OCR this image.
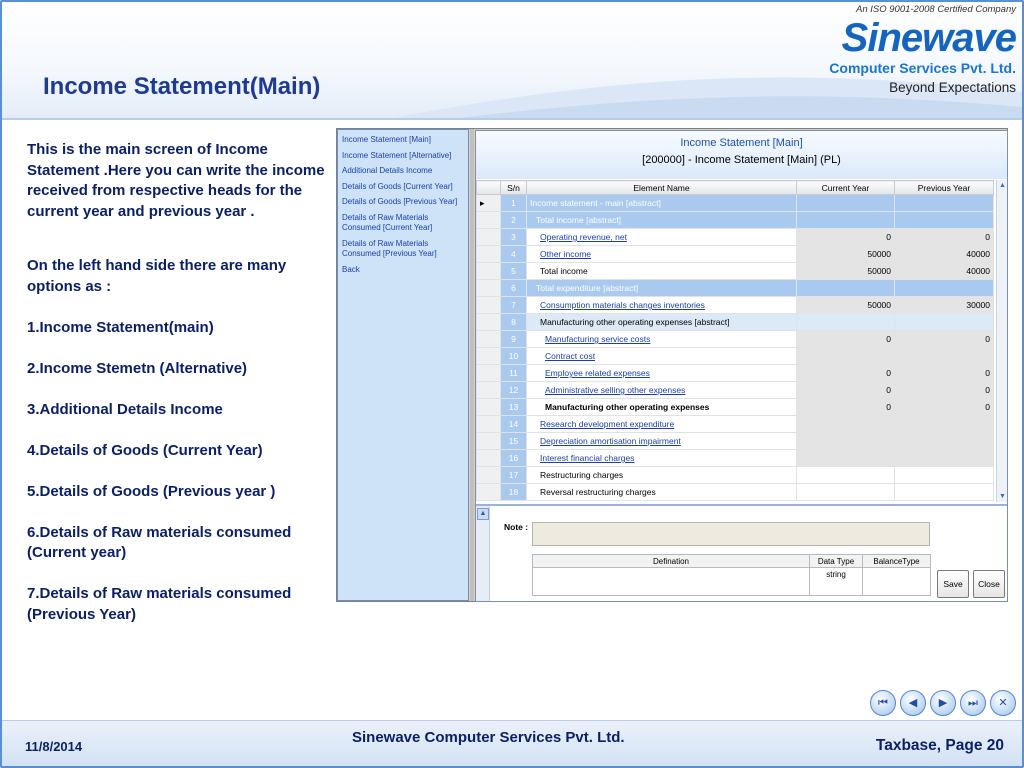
Income Statement(Main)
An ISO 9001-2008 Certified Company
Sinewave
Computer Services Pvt. Ltd.
Beyond Expectations

This is the main screen of Income Statement .Here you can write the income received from respective heads for the current year and previous year .

On the left hand side there are many options as :

1.Income Statement(main)

2.Income Stemetn (Alternative)

3.Additional Details Income

4.Details of Goods (Current Year)

5.Details of Goods (Previous year )

6.Details of Raw materials consumed (Current year)

7.Details of Raw materials consumed (Previous Year)

Income Statement [Main]
Income Statement [Alternative]
Additional Details Income
Details of Goods [Current Year]
Details of Goods [Previous Year]
Details of Raw Materials Consumed [Current Year]
Details of Raw Materials Consumed [Previous Year]
Back
Income Statement [Main]
[200000] - Income Statement [Main] (PL)
	S/n	Element Name	Current Year	Previous Year
▸	1	Income statement - main [abstract]		
	2	Total income [abstract]		
	3	Operating revenue, net	0	0
	4	Other income	50000	40000
	5	Total income	50000	40000
	6	Total expenditure [abstract]		
	7	Consumption materials changes inventories	50000	30000
	8	Manufacturing other operating expenses [abstract]		
	9	Manufacturing service costs	0	0
	10	Contract cost		
	11	Employee related expenses	0	0
	12	Administrative selling other expenses	0	0
	13	Manufacturing other operating expenses	0	0
	14	Research development expenditure		
	15	Depreciation amortisation impairment		
	16	Interest financial charges		
	17	Restructuring charges		
	18	Reversal restructuring charges		
▲
▼
▲
Note :
Defination	Data Type	BalanceType
	string	
Save	Close
⏮	◀	▶	⏭	✕
11/8/2014
Sinewave Computer Services Pvt. Ltd.	Taxbase, Page 20
